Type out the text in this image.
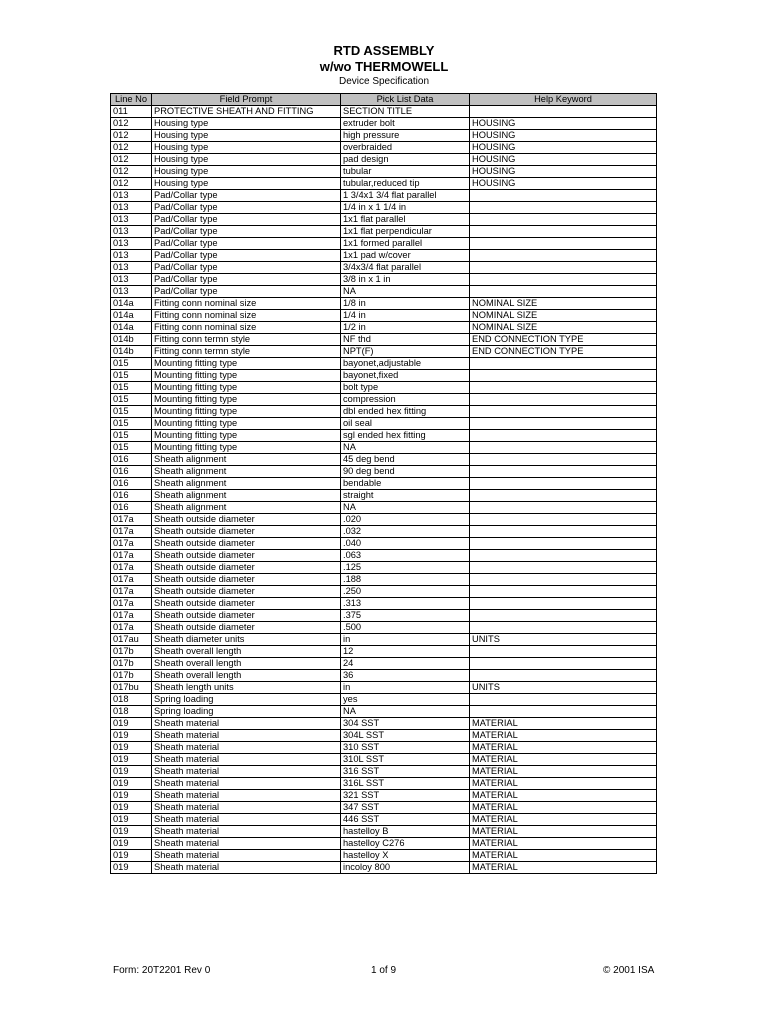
RTD ASSEMBLY
w/wo THERMOWELL
Device Specification
Line No	Field Prompt	Pick List Data	Help Keyword
011	PROTECTIVE SHEATH AND FITTING	SECTION TITLE	
012	Housing type	extruder bolt	HOUSING
012	Housing type	high pressure	HOUSING
012	Housing type	overbraided	HOUSING
012	Housing type	pad design	HOUSING
012	Housing type	tubular	HOUSING
012	Housing type	tubular,reduced tip	HOUSING
013	Pad/Collar type	1 3/4x1 3/4 flat parallel	
013	Pad/Collar type	1/4 in x 1 1/4 in	
013	Pad/Collar type	1x1 flat parallel	
013	Pad/Collar type	1x1 flat perpendicular	
013	Pad/Collar type	1x1 formed parallel	
013	Pad/Collar type	1x1 pad w/cover	
013	Pad/Collar type	3/4x3/4 flat parallel	
013	Pad/Collar type	3/8 in x 1 in	
013	Pad/Collar type	NA	
014a	Fitting conn nominal size	1/8 in	NOMINAL SIZE
014a	Fitting conn nominal size	1/4 in	NOMINAL SIZE
014a	Fitting conn nominal size	1/2 in	NOMINAL SIZE
014b	Fitting conn termn style	NF thd	END CONNECTION TYPE
014b	Fitting conn termn style	NPT(F)	END CONNECTION TYPE
015	Mounting fitting type	bayonet,adjustable	
015	Mounting fitting type	bayonet,fixed	
015	Mounting fitting type	bolt type	
015	Mounting fitting type	compression	
015	Mounting fitting type	dbl ended hex fitting	
015	Mounting fitting type	oil seal	
015	Mounting fitting type	sgl ended hex fitting	
015	Mounting fitting type	NA	
016	Sheath alignment	45 deg bend	
016	Sheath alignment	90 deg bend	
016	Sheath alignment	bendable	
016	Sheath alignment	straight	
016	Sheath alignment	NA	
017a	Sheath outside diameter	.020	
017a	Sheath outside diameter	.032	
017a	Sheath outside diameter	.040	
017a	Sheath outside diameter	.063	
017a	Sheath outside diameter	.125	
017a	Sheath outside diameter	.188	
017a	Sheath outside diameter	.250	
017a	Sheath outside diameter	.313	
017a	Sheath outside diameter	.375	
017a	Sheath outside diameter	.500	
017au	Sheath diameter units	in	UNITS
017b	Sheath overall length	12	
017b	Sheath overall length	24	
017b	Sheath overall length	36	
017bu	Sheath length units	in	UNITS
018	Spring loading	yes	
018	Spring loading	NA	
019	Sheath material	304 SST	MATERIAL
019	Sheath material	304L SST	MATERIAL
019	Sheath material	310 SST	MATERIAL
019	Sheath material	310L SST	MATERIAL
019	Sheath material	316 SST	MATERIAL
019	Sheath material	316L SST	MATERIAL
019	Sheath material	321 SST	MATERIAL
019	Sheath material	347 SST	MATERIAL
019	Sheath material	446 SST	MATERIAL
019	Sheath material	hastelloy B	MATERIAL
019	Sheath material	hastelloy C276	MATERIAL
019	Sheath material	hastelloy X	MATERIAL
019	Sheath material	incoloy 800	MATERIAL
Form: 20T2201 Rev 0	1 of 9	© 2001 ISA
